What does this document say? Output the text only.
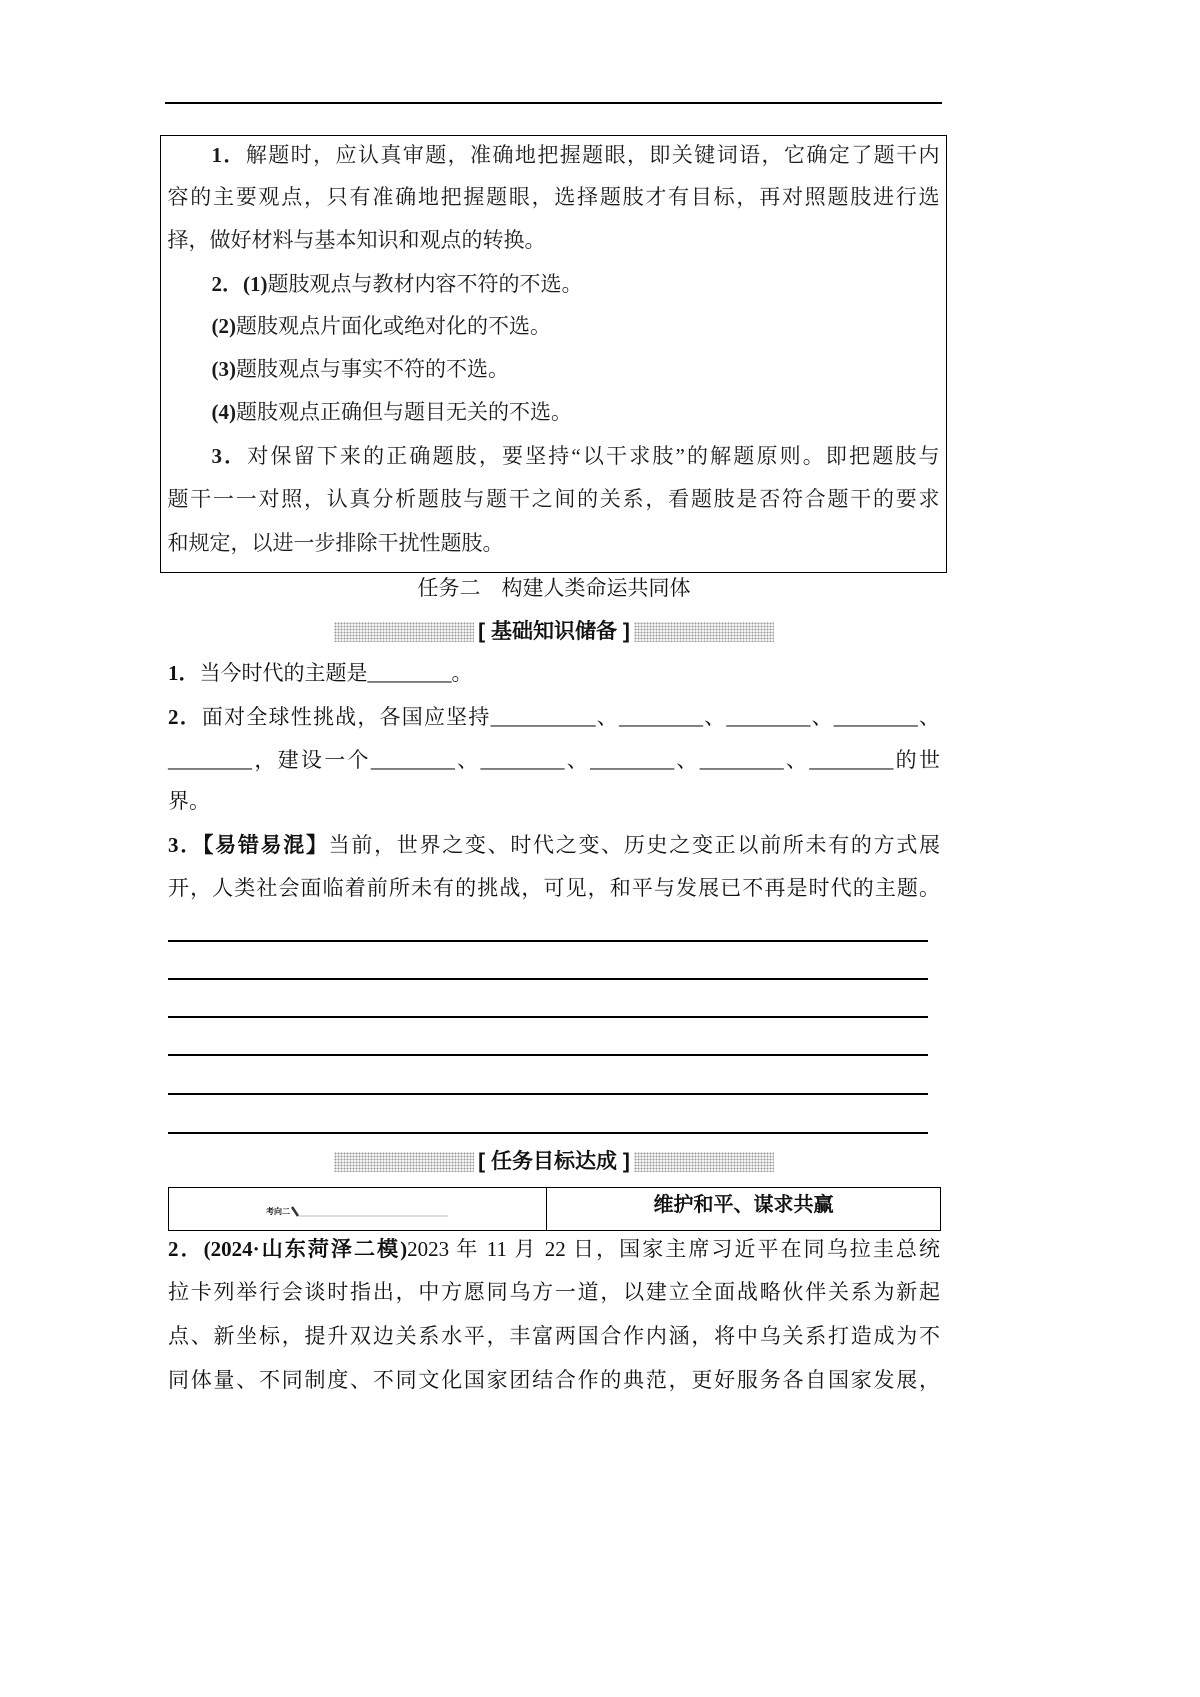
1．解题时，应认真审题，准确地把握题眼，即关键词语，它确定了题干内
容的主要观点，只有准确地把握题眼，选择题肢才有目标，再对照题肢进行选
择，做好材料与基本知识和观点的转换。
2．(1)题肢观点与教材内容不符的不选。
(2)题肢观点片面化或绝对化的不选。
(3)题肢观点与事实不符的不选。
(4)题肢观点正确但与题目无关的不选。
3．对保留下来的正确题肢，要坚持“以干求肢”的解题原则。即把题肢与
题干一一对照，认真分析题肢与题干之间的关系，看题肢是否符合题干的要求
和规定，以进一步排除干扰性题肢。
任务二　构建人类命运共同体
[ 基础知识储备 ]
1．当今时代的主题是________。
2．面对全球性挑战，各国应坚持__________、________、________、________、
________，建设一个________、________、________、________、________的世
界。
3．【易错易混】当前，世界之变、时代之变、历史之变正以前所未有的方式展
开，人类社会面临着前所未有的挑战，可见，和平与发展已不再是时代的主题。
[ 任务目标达成 ]
考向二	维护和平、谋求共赢
2．(2024·山东菏泽二模)2023 年 11 月 22 日，国家主席习近平在同乌拉圭总统
拉卡列举行会谈时指出，中方愿同乌方一道，以建立全面战略伙伴关系为新起
点、新坐标，提升双边关系水平，丰富两国合作内涵，将中乌关系打造成为不
同体量、不同制度、不同文化国家团结合作的典范，更好服务各自国家发展，
